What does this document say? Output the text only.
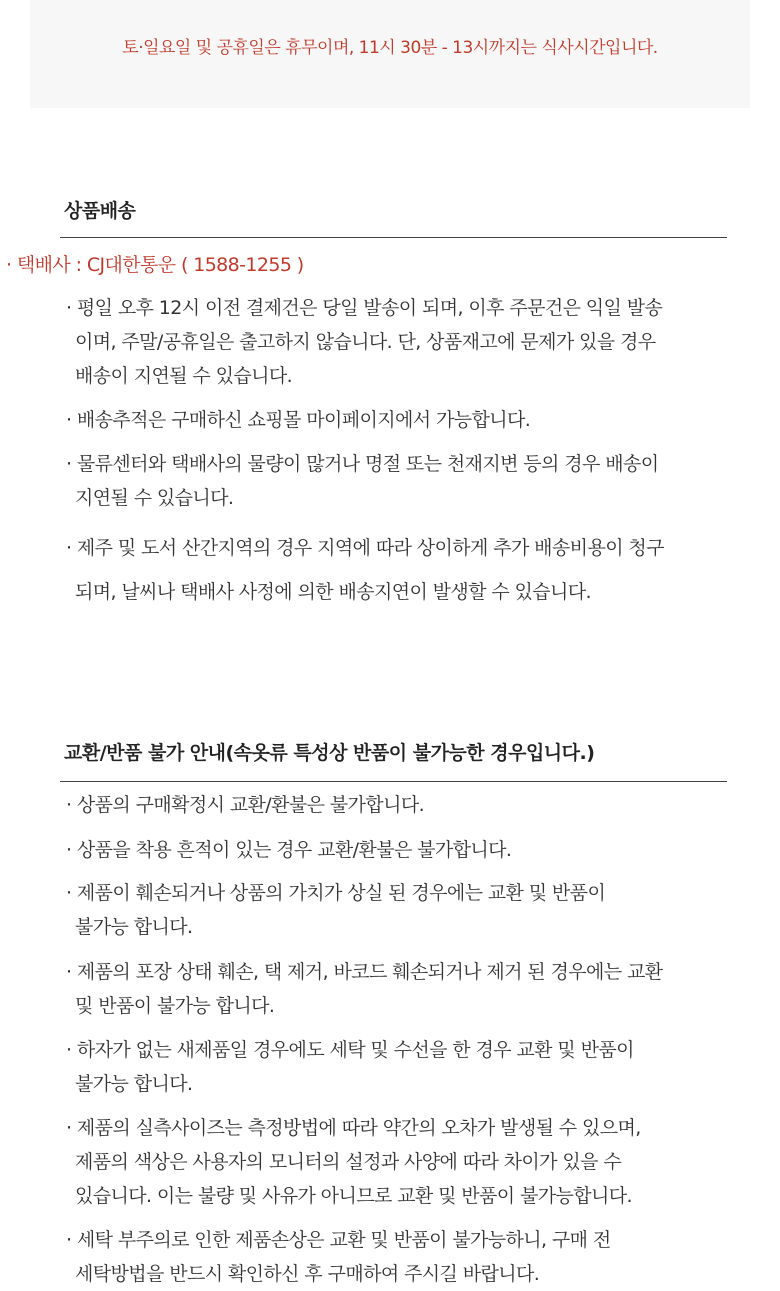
토·일요일 및 공휴일은 휴무이며, 11시 30분 - 13시까지는 식사시간입니다.
상품배송
· 택배사 : CJ대한통운 ( 1588-1255 )
· 평일 오후 12시 이전 결제건은 당일 발송이 되며, 이후 주문건은 익일 발송
이며, 주말/공휴일은 출고하지 않습니다. 단, 상품재고에 문제가 있을 경우
배송이 지연될 수 있습니다.
· 배송추적은 구매하신 쇼핑몰 마이페이지에서 가능합니다.
· 물류센터와 택배사의 물량이 많거나 명절 또는 천재지변 등의 경우 배송이
지연될 수 있습니다.
· 제주 및 도서 산간지역의 경우 지역에 따라 상이하게 추가 배송비용이 청구
되며, 날씨나 택배사 사정에 의한 배송지연이 발생할 수 있습니다.
교환/반품 불가 안내(속옷류 특성상 반품이 불가능한 경우입니다.)
· 상품의 구매확정시 교환/환불은 불가합니다.
· 상품을 착용 흔적이 있는 경우 교환/환불은 불가합니다.
· 제품이 훼손되거나 상품의 가치가 상실 된 경우에는 교환 및 반품이
불가능 합니다.
· 제품의 포장 상태 훼손, 택 제거, 바코드 훼손되거나 제거 된 경우에는 교환
및 반품이 불가능 합니다.
· 하자가 없는 새제품일 경우에도 세탁 및 수선을 한 경우 교환 및 반품이
불가능 합니다.
· 제품의 실측사이즈는 측정방법에 따라 약간의 오차가 발생될 수 있으며,
제품의 색상은 사용자의 모니터의 설정과 사양에 따라 차이가 있을 수
있습니다. 이는 불량 및 사유가 아니므로 교환 및 반품이 불가능합니다.
· 세탁 부주의로 인한 제품손상은 교환 및 반품이 불가능하니, 구매 전
세탁방법을 반드시 확인하신 후 구매하여 주시길 바랍니다.
